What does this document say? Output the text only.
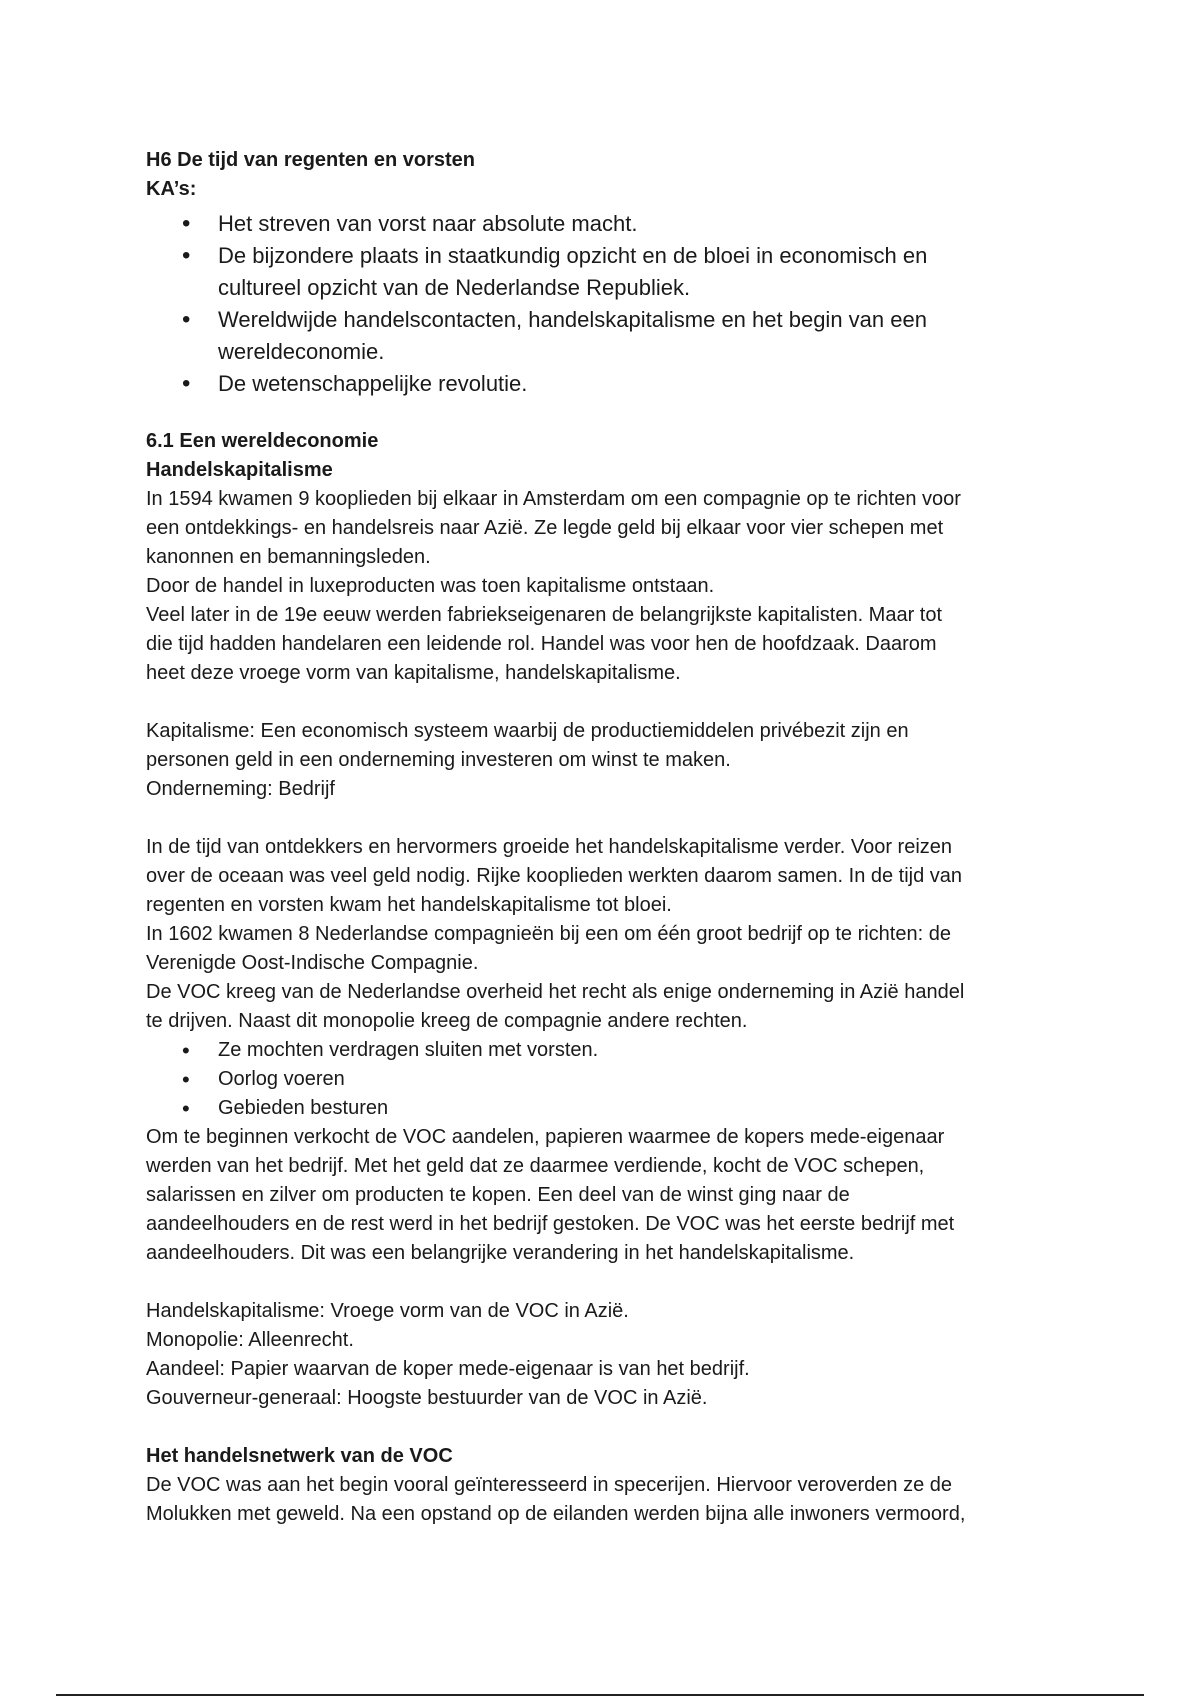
H6 De tijd van regenten en vorsten
KA’s:
• Het streven van vorst naar absolute macht.
• De bijzondere plaats in staatkundig opzicht en de bloei in economisch en
cultureel opzicht van de Nederlandse Republiek.
• Wereldwijde handelscontacten, handelskapitalisme en het begin van een
wereldeconomie.
• De wetenschappelijke revolutie.
6.1 Een wereldeconomie
Handelskapitalisme
In 1594 kwamen 9 kooplieden bij elkaar in Amsterdam om een compagnie op te richten voor
een ontdekkings- en handelsreis naar Azië. Ze legde geld bij elkaar voor vier schepen met
kanonnen en bemanningsleden.
Door de handel in luxeproducten was toen kapitalisme ontstaan.
Veel later in de 19e eeuw werden fabriekseigenaren de belangrijkste kapitalisten. Maar tot
die tijd hadden handelaren een leidende rol. Handel was voor hen de hoofdzaak. Daarom
heet deze vroege vorm van kapitalisme, handelskapitalisme.
Kapitalisme: Een economisch systeem waarbij de productiemiddelen privébezit zijn en
personen geld in een onderneming investeren om winst te maken.
Onderneming: Bedrijf
In de tijd van ontdekkers en hervormers groeide het handelskapitalisme verder. Voor reizen
over de oceaan was veel geld nodig. Rijke kooplieden werkten daarom samen. In de tijd van
regenten en vorsten kwam het handelskapitalisme tot bloei.
In 1602 kwamen 8 Nederlandse compagnieën bij een om één groot bedrijf op te richten: de
Verenigde Oost-Indische Compagnie.
De VOC kreeg van de Nederlandse overheid het recht als enige onderneming in Azië handel
te drijven. Naast dit monopolie kreeg de compagnie andere rechten.
• Ze mochten verdragen sluiten met vorsten.
• Oorlog voeren
• Gebieden besturen
Om te beginnen verkocht de VOC aandelen, papieren waarmee de kopers mede-eigenaar
werden van het bedrijf. Met het geld dat ze daarmee verdiende, kocht de VOC schepen,
salarissen en zilver om producten te kopen. Een deel van de winst ging naar de
aandeelhouders en de rest werd in het bedrijf gestoken. De VOC was het eerste bedrijf met
aandeelhouders. Dit was een belangrijke verandering in het handelskapitalisme.
Handelskapitalisme: Vroege vorm van de VOC in Azië.
Monopolie: Alleenrecht.
Aandeel: Papier waarvan de koper mede-eigenaar is van het bedrijf.
Gouverneur-generaal: Hoogste bestuurder van de VOC in Azië.
Het handelsnetwerk van de VOC
De VOC was aan het begin vooral geïnteresseerd in specerijen. Hiervoor veroverden ze de
Molukken met geweld. Na een opstand op de eilanden werden bijna alle inwoners vermoord,
